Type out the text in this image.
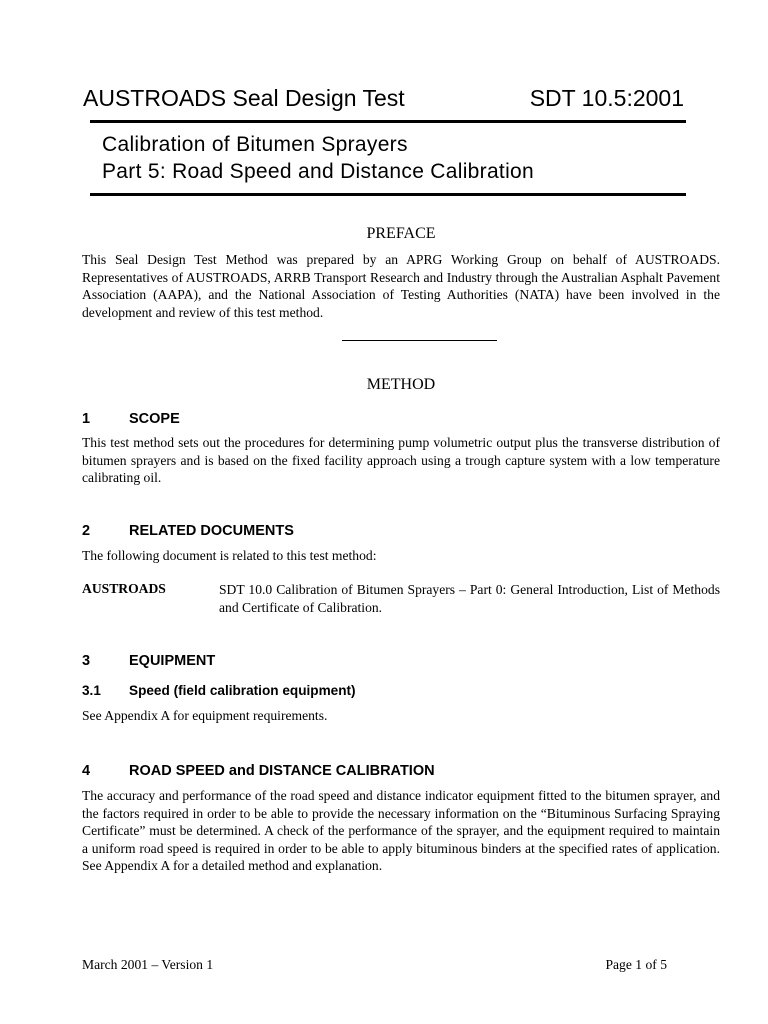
AUSTROADS Seal Design Test	SDT 10.5:2001
Calibration of Bitumen Sprayers
Part 5: Road Speed and Distance Calibration
PREFACE

This Seal Design Test Method was prepared by an APRG Working Group on behalf of AUSTROADS. Representatives of AUSTROADS, ARRB Transport Research and Industry through the Australian Asphalt Pavement Association (AAPA), and the National Association of Testing Authorities (NATA) have been involved in the development and review of this test method.

METHOD
1	SCOPE

This test method sets out the procedures for determining pump volumetric output plus the transverse distribution of bitumen sprayers and is based on the fixed facility approach using a trough capture system with a low temperature calibrating oil.

2	RELATED DOCUMENTS

The following document is related to this test method:

AUSTROADS	SDT 10.0 Calibration of Bitumen Sprayers – Part 0: General Introduction, List of Methods and Certificate of Calibration.

3	EQUIPMENT
3.1 Speed (field calibration equipment)

See Appendix A for equipment requirements.

4	ROAD SPEED and DISTANCE CALIBRATION

The accuracy and performance of the road speed and distance indicator equipment fitted to the bitumen sprayer, and the factors required in order to be able to provide the necessary information on the “Bituminous Surfacing Spraying Certificate” must be determined. A check of the performance of the sprayer, and the equipment required to maintain a uniform road speed is required in order to be able to apply bituminous binders at the specified rates of application. See Appendix A for a detailed method and explanation.

March 2001 – Version 1	Page 1 of 5
